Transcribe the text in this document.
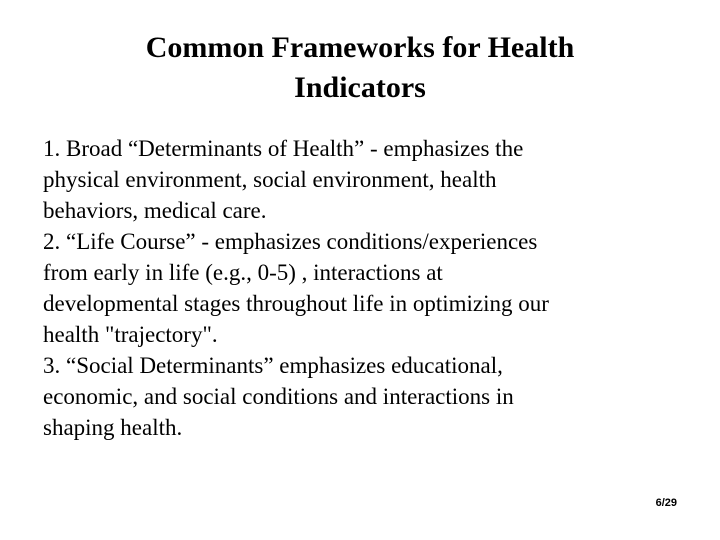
Common Frameworks for Health
Indicators
1. Broad “Determinants of Health” - emphasizes the
physical environment, social environment, health
behaviors, medical care.
2. “Life Course” - emphasizes conditions/experiences
from early in life (e.g., 0-5) , interactions at
developmental stages throughout life in optimizing our
health "trajectory".
3. “Social Determinants” emphasizes educational,
economic, and social conditions and interactions in
shaping health.
6/29
